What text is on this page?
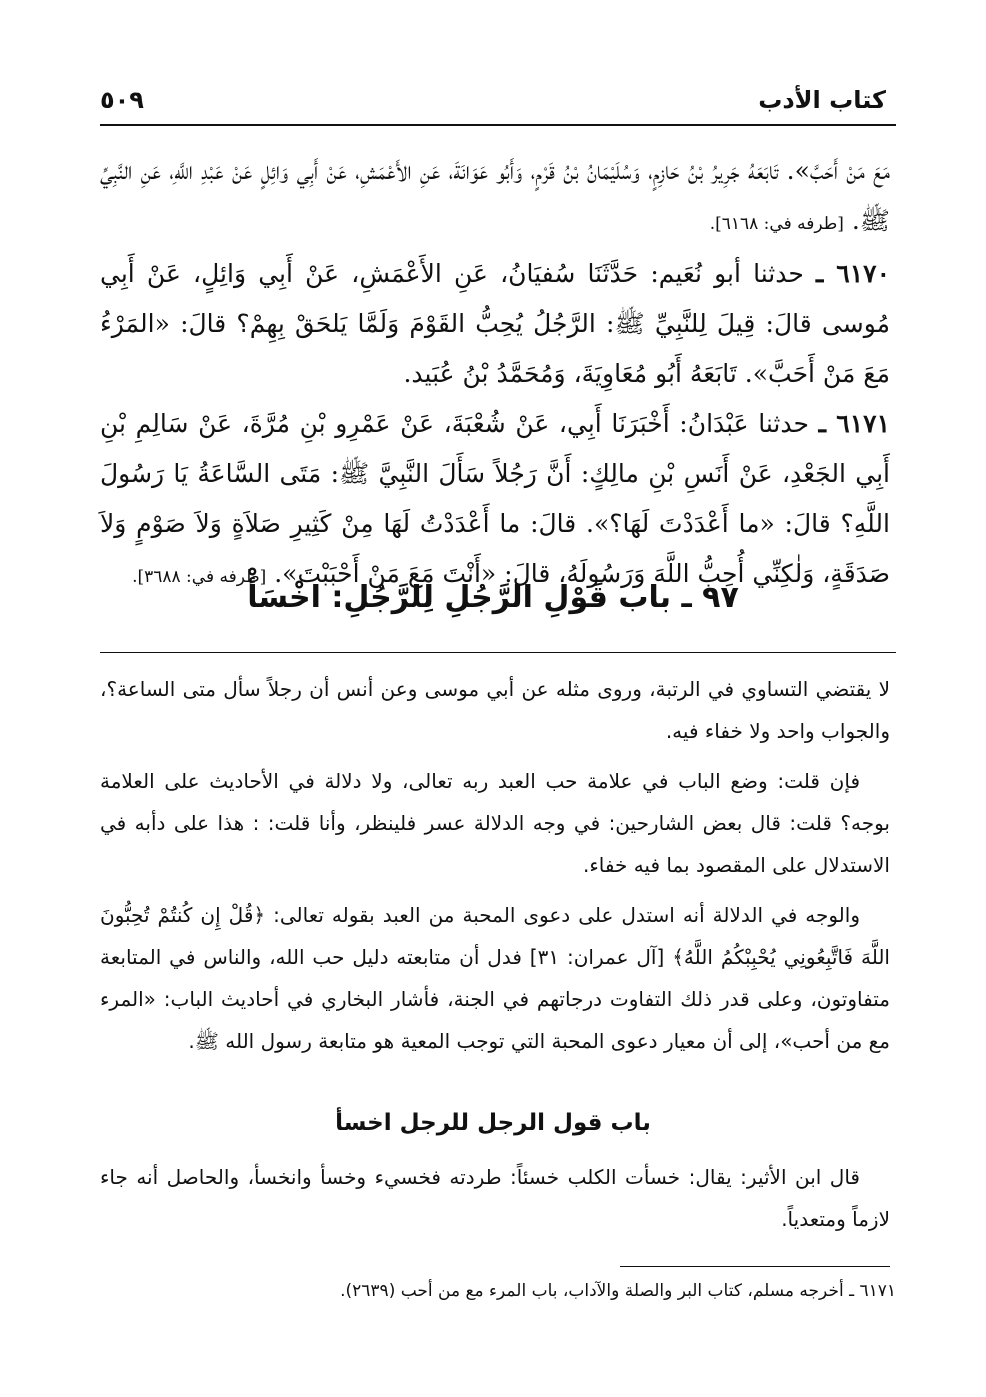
كتاب الأدب
٥٠٩

مَعَ مَنْ أَحَبَّ». تَابَعَهُ جَرِيرُ بْنُ حَازِمٍ، وَسُلَيْمَانُ بْنُ قَرْمٍ، وَأَبُو عَوَانَةَ، عَنِ الأَعْمَشِ، عَنْ أَبِي وَائِلٍ عَنْ عَبْدِ اللَّهِ، عَنِ النَّبِيِّ ﷺ. [طرفه في: ٦١٦٨].

٦١٧٠ ـ حدثنا أبو نُعَيم: حَدَّثَنَا سُفيَانُ، عَنِ الأَعْمَشِ، عَنْ أَبِي وَائِلٍ، عَنْ أَبِي مُوسى قالَ: قِيلَ لِلنَّبِيِّ ﷺ: الرَّجُلُ يُحِبُّ القَوْمَ وَلَمَّا يَلحَقْ بِهِمْ؟ قالَ: «المَرْءُ مَعَ مَنْ أَحَبَّ». تَابَعَهُ أَبُو مُعَاوِيَةَ، وَمُحَمَّدُ بْنُ عُبَيد.

٦١٧١ ـ حدثنا عَبْدَانُ: أَخْبَرَنَا أَبِي، عَنْ شُعْبَةَ، عَنْ عَمْرِو بْنِ مُرَّةَ، عَنْ سَالِمِ بْنِ أَبِي الجَعْدِ، عَنْ أَنَسِ بْنِ مالِكٍ: أَنَّ رَجُلاً سَأَلَ النَّبِيَّ ﷺ: مَتَى السَّاعَةُ يَا رَسُولَ اللَّهِ؟ قالَ: «ما أَعْدَدْتَ لَهَا؟». قالَ: ما أَعْدَدْتُ لَهَا مِنْ كَثِيرِ صَلاَةٍ وَلاَ صَوْمٍ وَلاَ صَدَقَةٍ، وَلٰكِنِّي أُحِبُّ اللَّهَ وَرَسُولَهُ، قالَ: «أَنْتَ مَعَ مَنْ أَحْبَبْتَ». [طرفه في: ٣٦٨٨].

٩٧ ـ باب قَوْلِ الرَّجُلِ لِلرَّجُلِ: اخْسَأْ

لا يقتضي التساوي في الرتبة، وروى مثله عن أبي موسى وعن أنس أن رجلاً سأل متى الساعة؟، والجواب واحد ولا خفاء فيه.

فإن قلت: وضع الباب في علامة حب العبد ربه تعالى، ولا دلالة في الأحاديث على العلامة بوجه؟ قلت: قال بعض الشارحين: في وجه الدلالة عسر فلينظر، وأنا قلت: : هذا على دأبه في الاستدلال على المقصود بما فيه خفاء.

والوجه في الدلالة أنه استدل على دعوى المحبة من العبد بقوله تعالى: ﴿قُلْ إِن كُنتُمْ تُحِبُّونَ اللَّهَ فَاتَّبِعُونِي يُحْبِبْكُمُ اللَّهُ﴾ [آل عمران: ٣١] فدل أن متابعته دليل حب الله، والناس في المتابعة متفاوتون، وعلى قدر ذلك التفاوت درجاتهم في الجنة، فأشار البخاري في أحاديث الباب: «المرء مع من أحب»، إلى أن معيار دعوى المحبة التي توجب المعية هو متابعة رسول الله ﷺ.

باب قول الرجل للرجل اخسأ

قال ابن الأثير: يقال: خسأت الكلب خسئاً: طردته فخسيء وخسأ وانخسأ، والحاصل أنه جاء لازماً ومتعدياً.

٦١٧١ ـ أخرجه مسلم، كتاب البر والصلة والآداب، باب المرء مع من أحب (٢٦٣٩).
